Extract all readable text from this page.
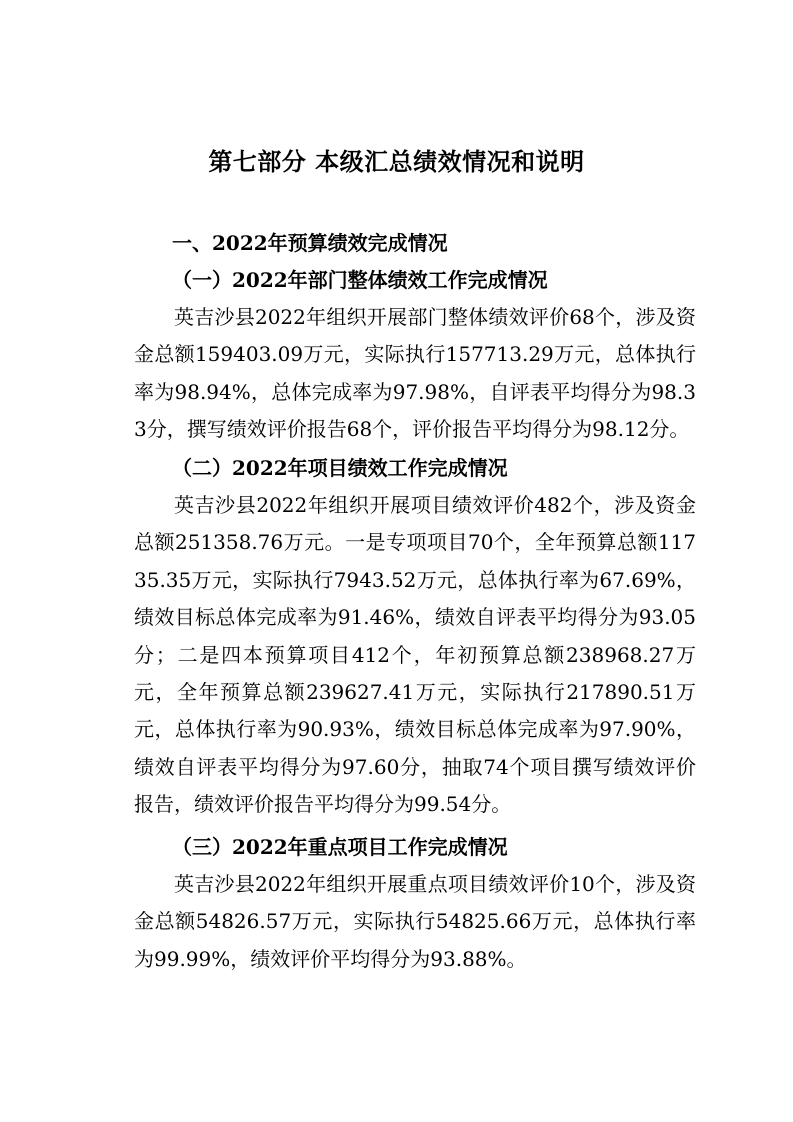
第七部分 本级汇总绩效情况和说明
一、2022年预算绩效完成情况
（一）2022年部门整体绩效工作完成情况

英吉沙县2022年组织开展部门整体绩效评价68个，涉及资金总额159403.09万元，实际执行157713.29万元，总体执行率为98.94%，总体完成率为97.98%，自评表平均得分为98.33分，撰写绩效评价报告68个，评价报告平均得分为98.12分。

（二）2022年项目绩效工作完成情况

英吉沙县2022年组织开展项目绩效评价482个，涉及资金总额251358.76万元。一是专项项目70个，全年预算总额11735.35万元，实际执行7943.52万元，总体执行率为67.69%，绩效目标总体完成率为91.46%，绩效自评表平均得分为93.05分；二是四本预算项目412个，年初预算总额238968.27万元，全年预算总额239627.41万元，实际执行217890.51万元，总体执行率为90.93%，绩效目标总体完成率为97.90%，绩效自评表平均得分为97.60分，抽取74个项目撰写绩效评价报告，绩效评价报告平均得分为99.54分。

（三）2022年重点项目工作完成情况

英吉沙县2022年组织开展重点项目绩效评价10个，涉及资金总额54826.57万元，实际执行54825.66万元，总体执行率为99.99%，绩效评价平均得分为93.88%。
